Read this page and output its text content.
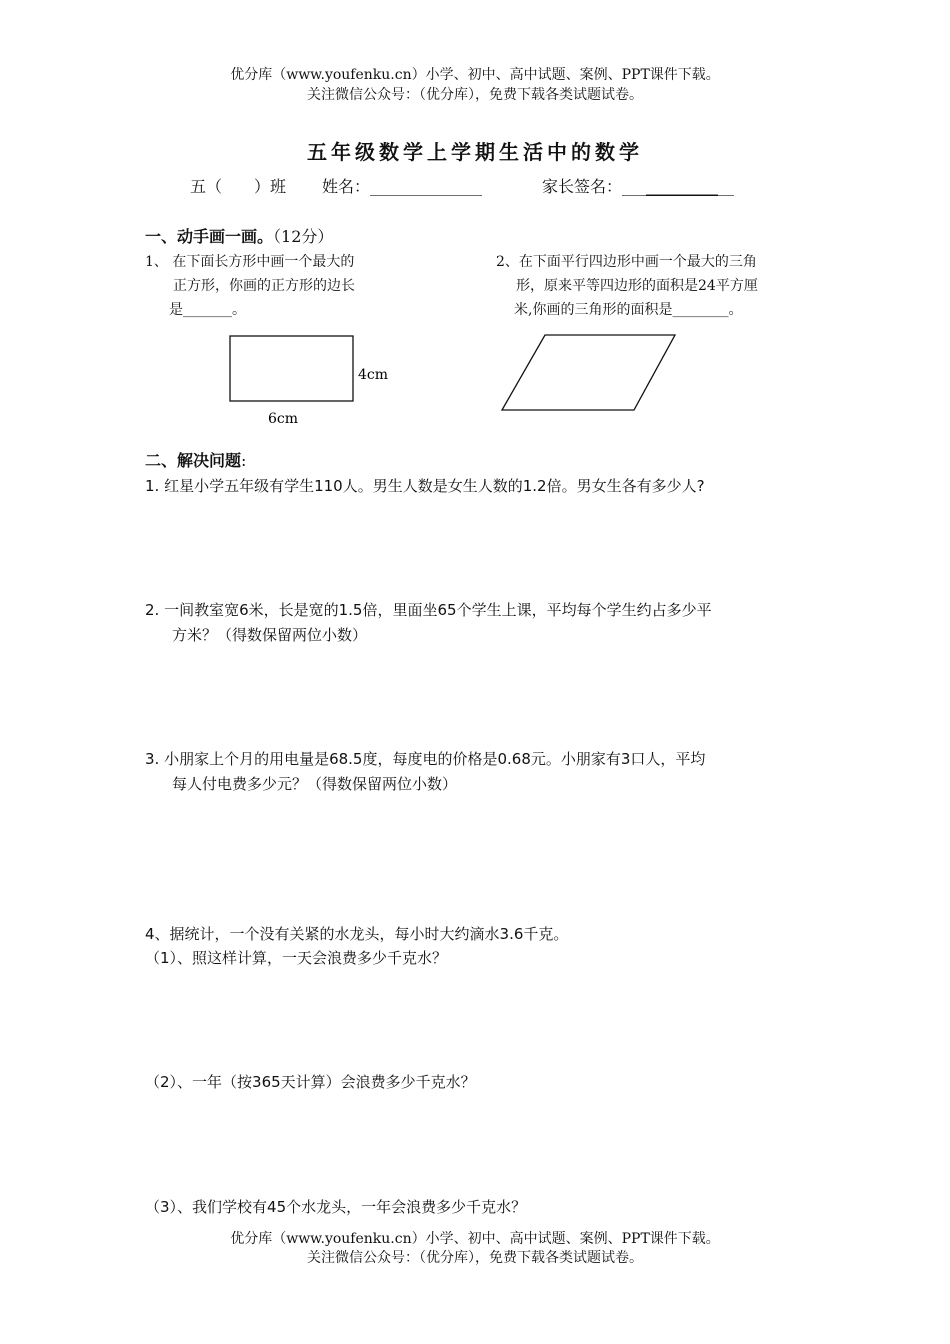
优分库（www.youfenku.cn）小学、初中、高中试题、案例、PPT课件下载。
关注微信公众号：（优分库），免费下载各类试题试卷。
五年级数学上学期生活中的数学
五（　　）班 姓名：______________	家长签名：______________
一、动手画一画。（12分）
1、 在下面长方形中画一个最大的
正方形，你画的正方形的边长
是_______。
2、在下面平行四边形中画一个最大的三角
形，原来平等四边形的面积是24平方厘
米,你画的三角形的面积是________。
4cm
6cm
二、解决问题:
1. 红星小学五年级有学生110人。男生人数是女生人数的1.2倍。男女生各有多少人?
2. 一间教室宽6米，长是宽的1.5倍，里面坐65个学生上课，平均每个学生约占多少平
方米？（得数保留两位小数）
3. 小朋家上个月的用电量是68.5度，每度电的价格是0.68元。小朋家有3口人，平均
每人付电费多少元？（得数保留两位小数）
4、据统计，一个没有关紧的水龙头，每小时大约滴水3.6千克。
（1）、照这样计算，一天会浪费多少千克水？
（2）、一年（按365天计算）会浪费多少千克水？
（3）、我们学校有45个水龙头，一年会浪费多少千克水？
优分库（www.youfenku.cn）小学、初中、高中试题、案例、PPT课件下载。
关注微信公众号：（优分库），免费下载各类试题试卷。
